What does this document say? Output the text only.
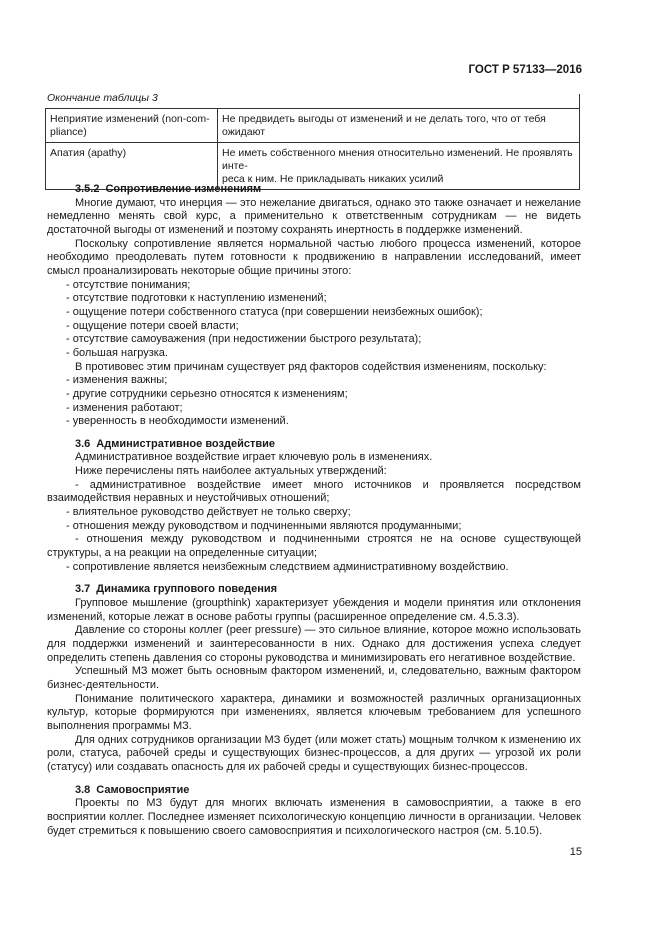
ГОСТ Р 57133—2016
Окончание таблицы 3
Неприятие изменений (non-com-
pliance)	Не предвидеть выгоды от изменений и не делать того, что от тебя ожидают
Апатия (apathy)	Не иметь собственного мнения относительно изменений. Не проявлять инте-
реса к ним. Не прикладывать никаких усилий

3.5.2 Сопротивление изменениям

Многие думают, что инерция — это нежелание двигаться, однако это также означает и нежелание немедленно менять свой курс, а применительно к ответственным сотрудникам — не видеть достаточной выгоды от изменений и поэтому сохранять инертность в поддержке изменений.

Поскольку сопротивление является нормальной частью любого процесса изменений, которое необходимо преодолевать путем готовности к продвижению в направлении исследований, имеет смысл проанализировать некоторые общие причины этого:

- отсутствие понимания;

- отсутствие подготовки к наступлению изменений;

- ощущение потери собственного статуса (при совершении неизбежных ошибок);

- ощущение потери своей власти;

- отсутствие самоуважения (при недостижении быстрого результата);

- большая нагрузка.

В противовес этим причинам существует ряд факторов содействия изменениям, поскольку:

- изменения важны;

- другие сотрудники серьезно относятся к изменениям;

- изменения работают;

- уверенность в необходимости изменений.

3.6 Административное воздействие

Административное воздействие играет ключевую роль в изменениях.

Ниже перечислены пять наиболее актуальных утверждений:

- административное воздействие имеет много источников и проявляется посредством взаимодействия неравных и неустойчивых отношений;

- влиятельное руководство действует не только сверху;

- отношения между руководством и подчиненными являются продуманными;

- отношения между руководством и подчиненными строятся не на основе существующей структуры, а на реакции на определенные ситуации;

- сопротивление является неизбежным следствием административному воздействию.

3.7 Динамика группового поведения

Групповое мышление (groupthink) характеризует убеждения и модели принятия или отклонения изменений, которые лежат в основе работы группы (расширенное определение см. 4.5.3.3).

Давление со стороны коллег (peer pressure) — это сильное влияние, которое можно использовать для поддержки изменений и заинтересованности в них. Однако для достижения успеха следует определить степень давления со стороны руководства и минимизировать его негативное воздействие.

Успешный МЗ может быть основным фактором изменений, и, следовательно, важным фактором бизнес-деятельности.

Понимание политического характера, динамики и возможностей различных организационных культур, которые формируются при изменениях, является ключевым требованием для успешного выполнения программы МЗ.

Для одних сотрудников организации МЗ будет (или может стать) мощным толчком к изменению их роли, статуса, рабочей среды и существующих бизнес-процессов, а для других — угрозой их роли (статусу) или создавать опасность для их рабочей среды и существующих бизнес-процессов.

3.8 Самовосприятие

Проекты по МЗ будут для многих включать изменения в самовосприятии, а также в его восприятии коллег. Последнее изменяет психологическую концепцию личности в организации. Человек будет стремиться к повышению своего самовосприятия и психологического настроя (см. 5.10.5).

15
